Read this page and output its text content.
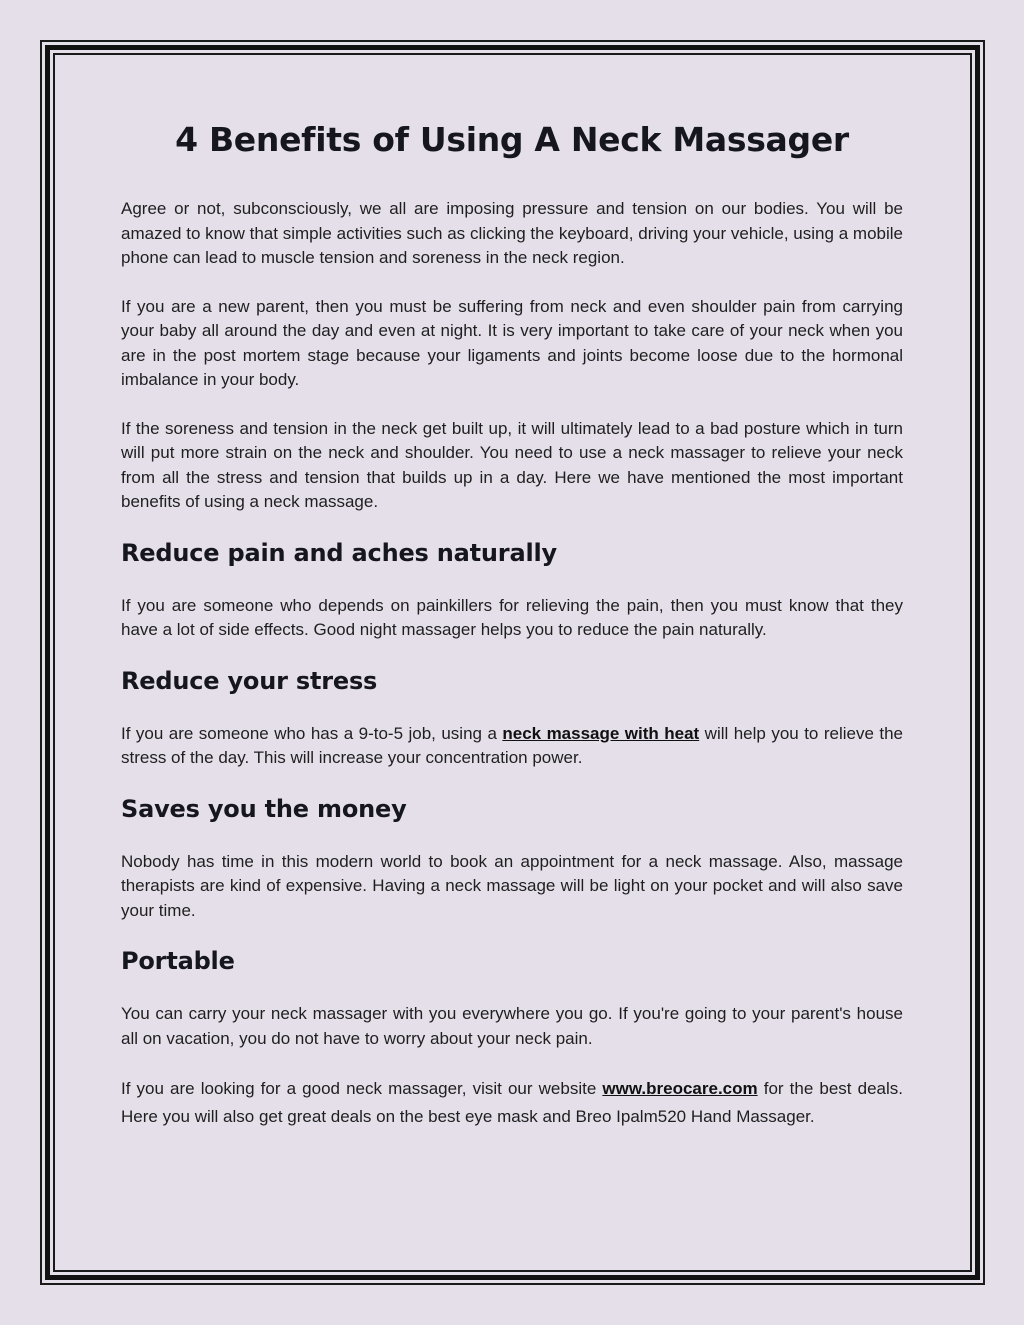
4 Benefits of Using A Neck Massager

Agree or not, subconsciously, we all are imposing pressure and tension on our bodies. You will be amazed to know that simple activities such as clicking the keyboard, driving your vehicle, using a mobile phone can lead to muscle tension and soreness in the neck region.

If you are a new parent, then you must be suffering from neck and even shoulder pain from carrying your baby all around the day and even at night. It is very important to take care of your neck when you are in the post mortem stage because your ligaments and joints become loose due to the hormonal imbalance in your body.

If the soreness and tension in the neck get built up, it will ultimately lead to a bad posture which in turn will put more strain on the neck and shoulder. You need to use a neck massager to relieve your neck from all the stress and tension that builds up in a day. Here we have mentioned the most important benefits of using a neck massage.

Reduce pain and aches naturally

If you are someone who depends on painkillers for relieving the pain, then you must know that they have a lot of side effects. Good night massager helps you to reduce the pain naturally.

Reduce your stress

If you are someone who has a 9-to-5 job, using a neck massage with heat will help you to relieve the stress of the day. This will increase your concentration power.

Saves you the money

Nobody has time in this modern world to book an appointment for a neck massage. Also, massage therapists are kind of expensive. Having a neck massage will be light on your pocket and will also save your time.

Portable

You can carry your neck massager with you everywhere you go. If you're going to your parent's house all on vacation, you do not have to worry about your neck pain.

If you are looking for a good neck massager, visit our website www.breocare.com for the best deals. Here you will also get great deals on the best eye mask and Breo Ipalm520 Hand Massager.
